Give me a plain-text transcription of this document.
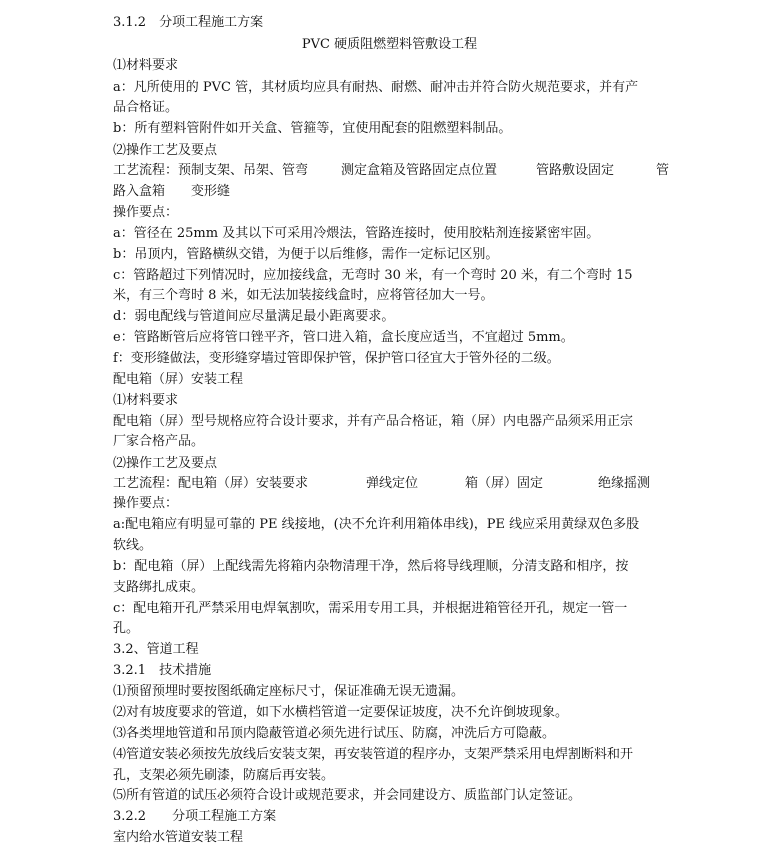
3.1.2　分项工程施工方案
PVC 硬质阻燃塑料管敷设工程
⑴材料要求
a：凡所使用的 PVC 管，其材质均应具有耐热、耐燃、耐冲击并符合防火规范要求，并有产
品合格证。
b：所有塑料管附件如开关盒、管箍等，宜使用配套的阻燃塑料制品。
⑵操作工艺及要点
工艺流程：预制支架、吊架、管弯	测定盒箱及管路固定点位置	管路敷设固定	管
路入盒箱　　变形缝
操作要点：
a：管径在 25mm 及其以下可采用冷煨法，管路连接时，使用胶粘剂连接紧密牢固。
b：吊顶内，管路横纵交错，为便于以后维修，需作一定标记区别。
c：管路超过下列情况时，应加接线盒，无弯时 30 米，有一个弯时 20 米，有二个弯时 15
米，有三个弯时 8 米，如无法加装接线盒时，应将管径加大一号。
d：弱电配线与管道间应尽量满足最小距离要求。
e：管路断管后应将管口锉平齐，管口进入箱，盒长度应适当，不宜超过 5mm。
f：变形缝做法，变形缝穿墙过管即保护管，保护管口径宜大于管外径的二级。
配电箱（屏）安装工程
⑴材料要求
配电箱（屏）型号规格应符合设计要求，并有产品合格证，箱（屏）内电器产品须采用正宗
厂家合格产品。
⑵操作工艺及要点
工艺流程：配电箱（屏）安装要求	弹线定位	箱（屏）固定	绝缘摇测
操作要点：
a:配电箱应有明显可靠的 PE 线接地，(决不允许利用箱体串线)，PE 线应采用黄绿双色多股
软线。
b：配电箱（屏）上配线需先将箱内杂物清理干净，然后将导线理顺，分清支路和相序，按
支路绑扎成束。
c：配电箱开孔严禁采用电焊氧割吹，需采用专用工具，并根据进箱管径开孔，规定一管一
孔。
3.2、管道工程
3.2.1　技术措施
⑴预留预埋时要按图纸确定座标尺寸，保证准确无误无遗漏。
⑵对有坡度要求的管道，如下水横档管道一定要保证坡度，决不允许倒坡现象。
⑶各类埋地管道和吊顶内隐蔽管道必须先进行试压、防腐，冲洗后方可隐蔽。
⑷管道安装必须按先放线后安装支架，再安装管道的程序办，支架严禁采用电焊割断料和开
孔，支架必须先刷漆，防腐后再安装。
⑸所有管道的试压必须符合设计或规范要求，并会同建设方、质监部门认定签证。
3.2.2　　分项工程施工方案
室内给水管道安装工程
